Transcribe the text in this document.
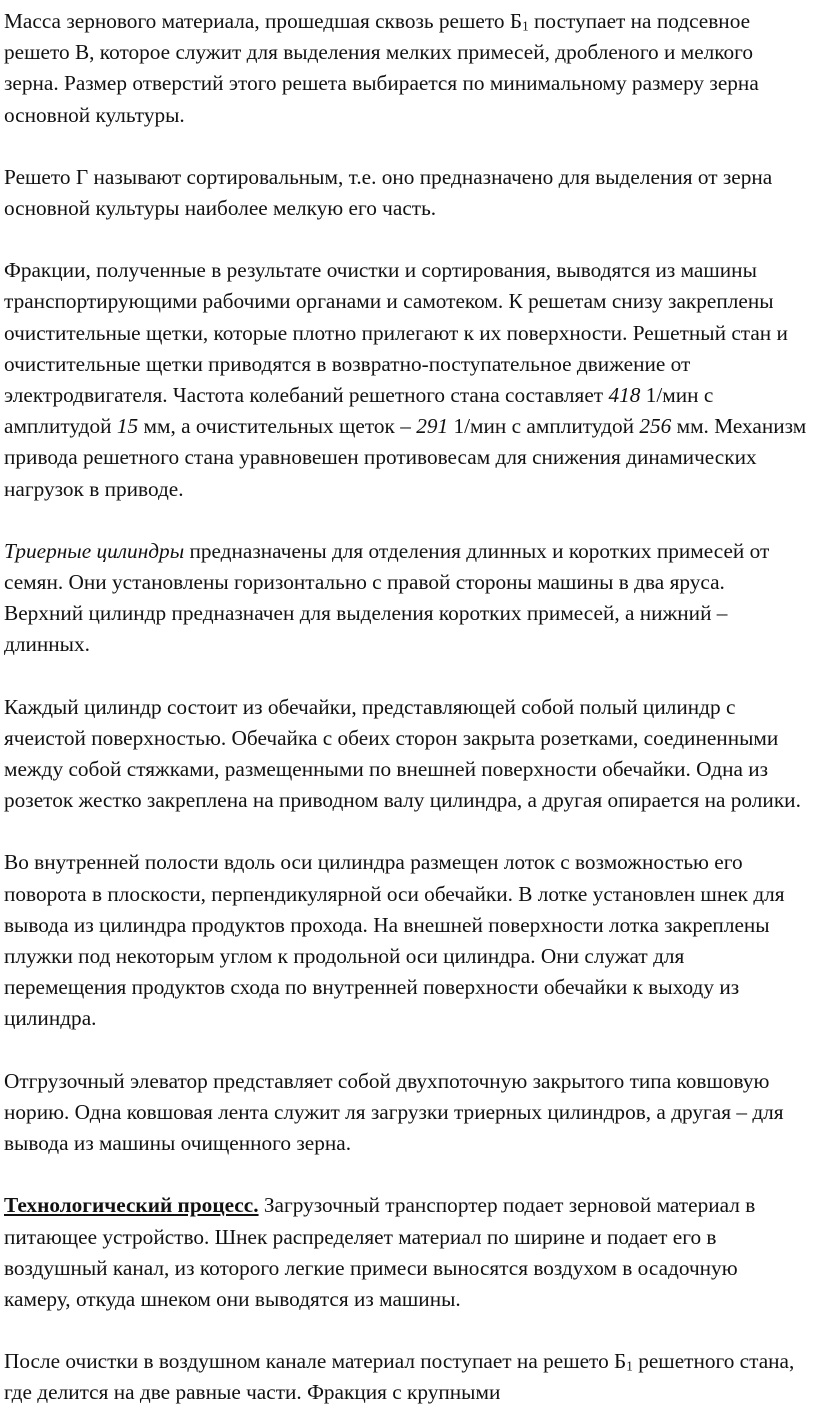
Масса зернового материала, прошедшая сквозь решето $Б_1$ поступает на подсевное решето В, которое служит для выделения мелких примесей, дробленого и мелкого зерна. Размер отверстий этого решета выбирается по минимальному размеру зерна основной культуры.

Решето Г называют сортировальным, т.е. оно предназначено для выделения от зерна основной культуры наиболее мелкую его часть.

Фракции, полученные в результате очистки и сортирования, выводятся из машины транспортирующими рабочими органами и самотеком. К решетам снизу закреплены очистительные щетки, которые плотно прилегают к их поверхности. Решетный стан и очистительные щетки приводятся в возвратно-поступательное движение от электродвигателя. Частота колебаний решетного стана составляет 418 1/мин с амплитудой 15 мм, а очистительных щеток – 291 1/мин с амплитудой 256 мм. Механизм привода решетного стана уравновешен противовесам для снижения динамических нагрузок в приводе.

Триерные цилиндры предназначены для отделения длинных и коротких примесей от семян. Они установлены горизонтально с правой стороны машины в два яруса. Верхний цилиндр предназначен для выделения коротких примесей, а нижний – длинных.

Каждый цилиндр состоит из обечайки, представляющей собой полый цилиндр с ячеистой поверхностью. Обечайка с обеих сторон закрыта розетками, соединенными между собой стяжками, размещенными по внешней поверхности обечайки. Одна из розеток жестко закреплена на приводном валу цилиндра, а другая опирается на ролики.

Во внутренней полости вдоль оси цилиндра размещен лоток с возможностью его поворота в плоскости, перпендикулярной оси обечайки. В лотке установлен шнек для вывода из цилиндра продуктов прохода. На внешней поверхности лотка закреплены плужки под некоторым углом к продольной оси цилиндра. Они служат для перемещения продуктов схода по внутренней поверхности обечайки к выходу из цилиндра.

Отгрузочный элеватор представляет собой двухпоточную закрытого типа ковшовую норию. Одна ковшовая лента служит ля загрузки триерных цилиндров, а другая – для вывода из машины очищенного зерна.

Технологический процесс. Загрузочный транспортер подает зерновой материал в питающее устройство. Шнек распределяет материал по ширине и подает его в воздушный канал, из которого легкие примеси выносятся воздухом в осадочную камеру, откуда шнеком они выводятся из машины.

После очистки в воздушном канале материал поступает на решето $Б_1$ решетного стана, где делится на две равные части. Фракция с крупными
